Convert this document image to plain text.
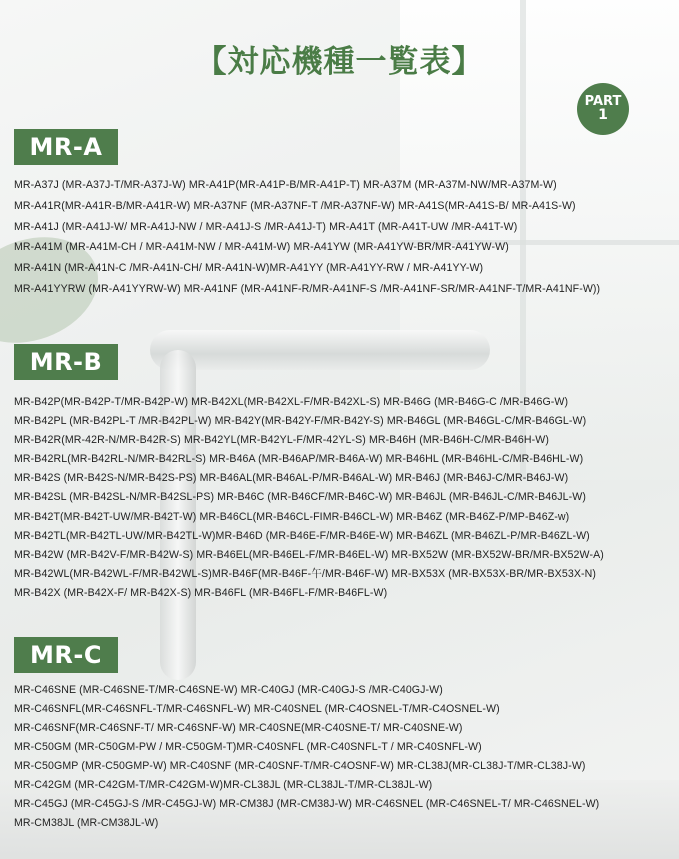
【対応機種一覧表】
PART
1
MR-A
MR-A37J (MR-A37J-T/MR-A37J-W) MR-A41P(MR-A41P-B/MR-A41P-T) MR-A37M (MR-A37M-NW/MR-A37M-W)
MR-A41R(MR-A41R-B/MR-A41R-W) MR-A37NF (MR-A37NF-T /MR-A37NF-W) MR-A41S(MR-A41S-B/ MR-A41S-W)
MR-A41J (MR-A41J-W/ MR-A41J-NW / MR-A41J-S /MR-A41J-T) MR-A41T (MR-A41T-UW /MR-A41T-W)
MR-A41M (MR-A41M-CH / MR-A41M-NW / MR-A41M-W) MR-A41YW (MR-A41YW-BR/MR-A41YW-W)
MR-A41N (MR-A41N-C /MR-A41N-CH/ MR-A41N-W)MR-A41YY (MR-A41YY-RW / MR-A41YY-W)
MR-A41YYRW (MR-A41YYRW-W) MR-A41NF (MR-A41NF-R/MR-A41NF-S /MR-A41NF-SR/MR-A41NF-T/MR-A41NF-W))
MR-B
MR-B42P(MR-B42P-T/MR-B42P-W) MR-B42XL(MR-B42XL-F/MR-B42XL-S) MR-B46G (MR-B46G-C /MR-B46G-W)
MR-B42PL (MR-B42PL-T /MR-B42PL-W) MR-B42Y(MR-B42Y-F/MR-B42Y-S) MR-B46GL (MR-B46GL-C/MR-B46GL-W)
MR-B42R(MR-42R-N/MR-B42R-S) MR-B42YL(MR-B42YL-F/MR-42YL-S) MR-B46H (MR-B46H-C/MR-B46H-W)
MR-B42RL(MR-B42RL-N/MR-B42RL-S) MR-B46A (MR-B46AP/MR-B46A-W) MR-B46HL (MR-B46HL-C/MR-B46HL-W)
MR-B42S (MR-B42S-N/MR-B42S-PS) MR-B46AL(MR-B46AL-P/MR-B46AL-W) MR-B46J (MR-B46J-C/MR-B46J-W)
MR-B42SL (MR-B42SL-N/MR-B42SL-PS) MR-B46C (MR-B46CF/MR-B46C-W) MR-B46JL (MR-B46JL-C/MR-B46JL-W)
MR-B42T(MR-B42T-UW/MR-B42T-W) MR-B46CL(MR-B46CL-FIMR-B46CL-W) MR-B46Z (MR-B46Z-P/MP-B46Z-w)
MR-B42TL(MR-B42TL-UW/MR-B42TL-W)MR-B46D (MR-B46E-F/MR-B46E-W) MR-B46ZL (MR-B46ZL-P/MR-B46ZL-W)
MR-B42W (MR-B42V-F/MR-B42W-S) MR-B46EL(MR-B46EL-F/MR-B46EL-W) MR-BX52W (MR-BX52W-BR/MR-BX52W-A)
MR-B42WL(MR-B42WL-F/MR-B42WL-S)MR-B46F(MR-B46F-午/MR-B46F-W) MR-BX53X (MR-BX53X-BR/MR-BX53X-N)
MR-B42X (MR-B42X-F/ MR-B42X-S) MR-B46FL (MR-B46FL-F/MR-B46FL-W)
MR-C
MR-C46SNE (MR-C46SNE-T/MR-C46SNE-W) MR-C40GJ (MR-C40GJ-S /MR-C40GJ-W)
MR-C46SNFL(MR-C46SNFL-T/MR-C46SNFL-W) MR-C40SNEL (MR-C4OSNEL-T/MR-C4OSNEL-W)
MR-C46SNF(MR-C46SNF-T/ MR-C46SNF-W) MR-C40SNE(MR-C40SNE-T/ MR-C40SNE-W)
MR-C50GM (MR-C50GM-PW / MR-C50GM-T)MR-C40SNFL (MR-C40SNFL-T / MR-C40SNFL-W)
MR-C50GMP (MR-C50GMP-W) MR-C40SNF (MR-C40SNF-T/MR-C4OSNF-W) MR-CL38J(MR-CL38J-T/MR-CL38J-W)
MR-C42GM (MR-C42GM-T/MR-C42GM-W)MR-CL38JL (MR-CL38JL-T/MR-CL38JL-W)
MR-C45GJ (MR-C45GJ-S /MR-C45GJ-W) MR-CM38J (MR-CM38J-W) MR-C46SNEL (MR-C46SNEL-T/ MR-C46SNEL-W)
MR-CM38JL (MR-CM38JL-W)
